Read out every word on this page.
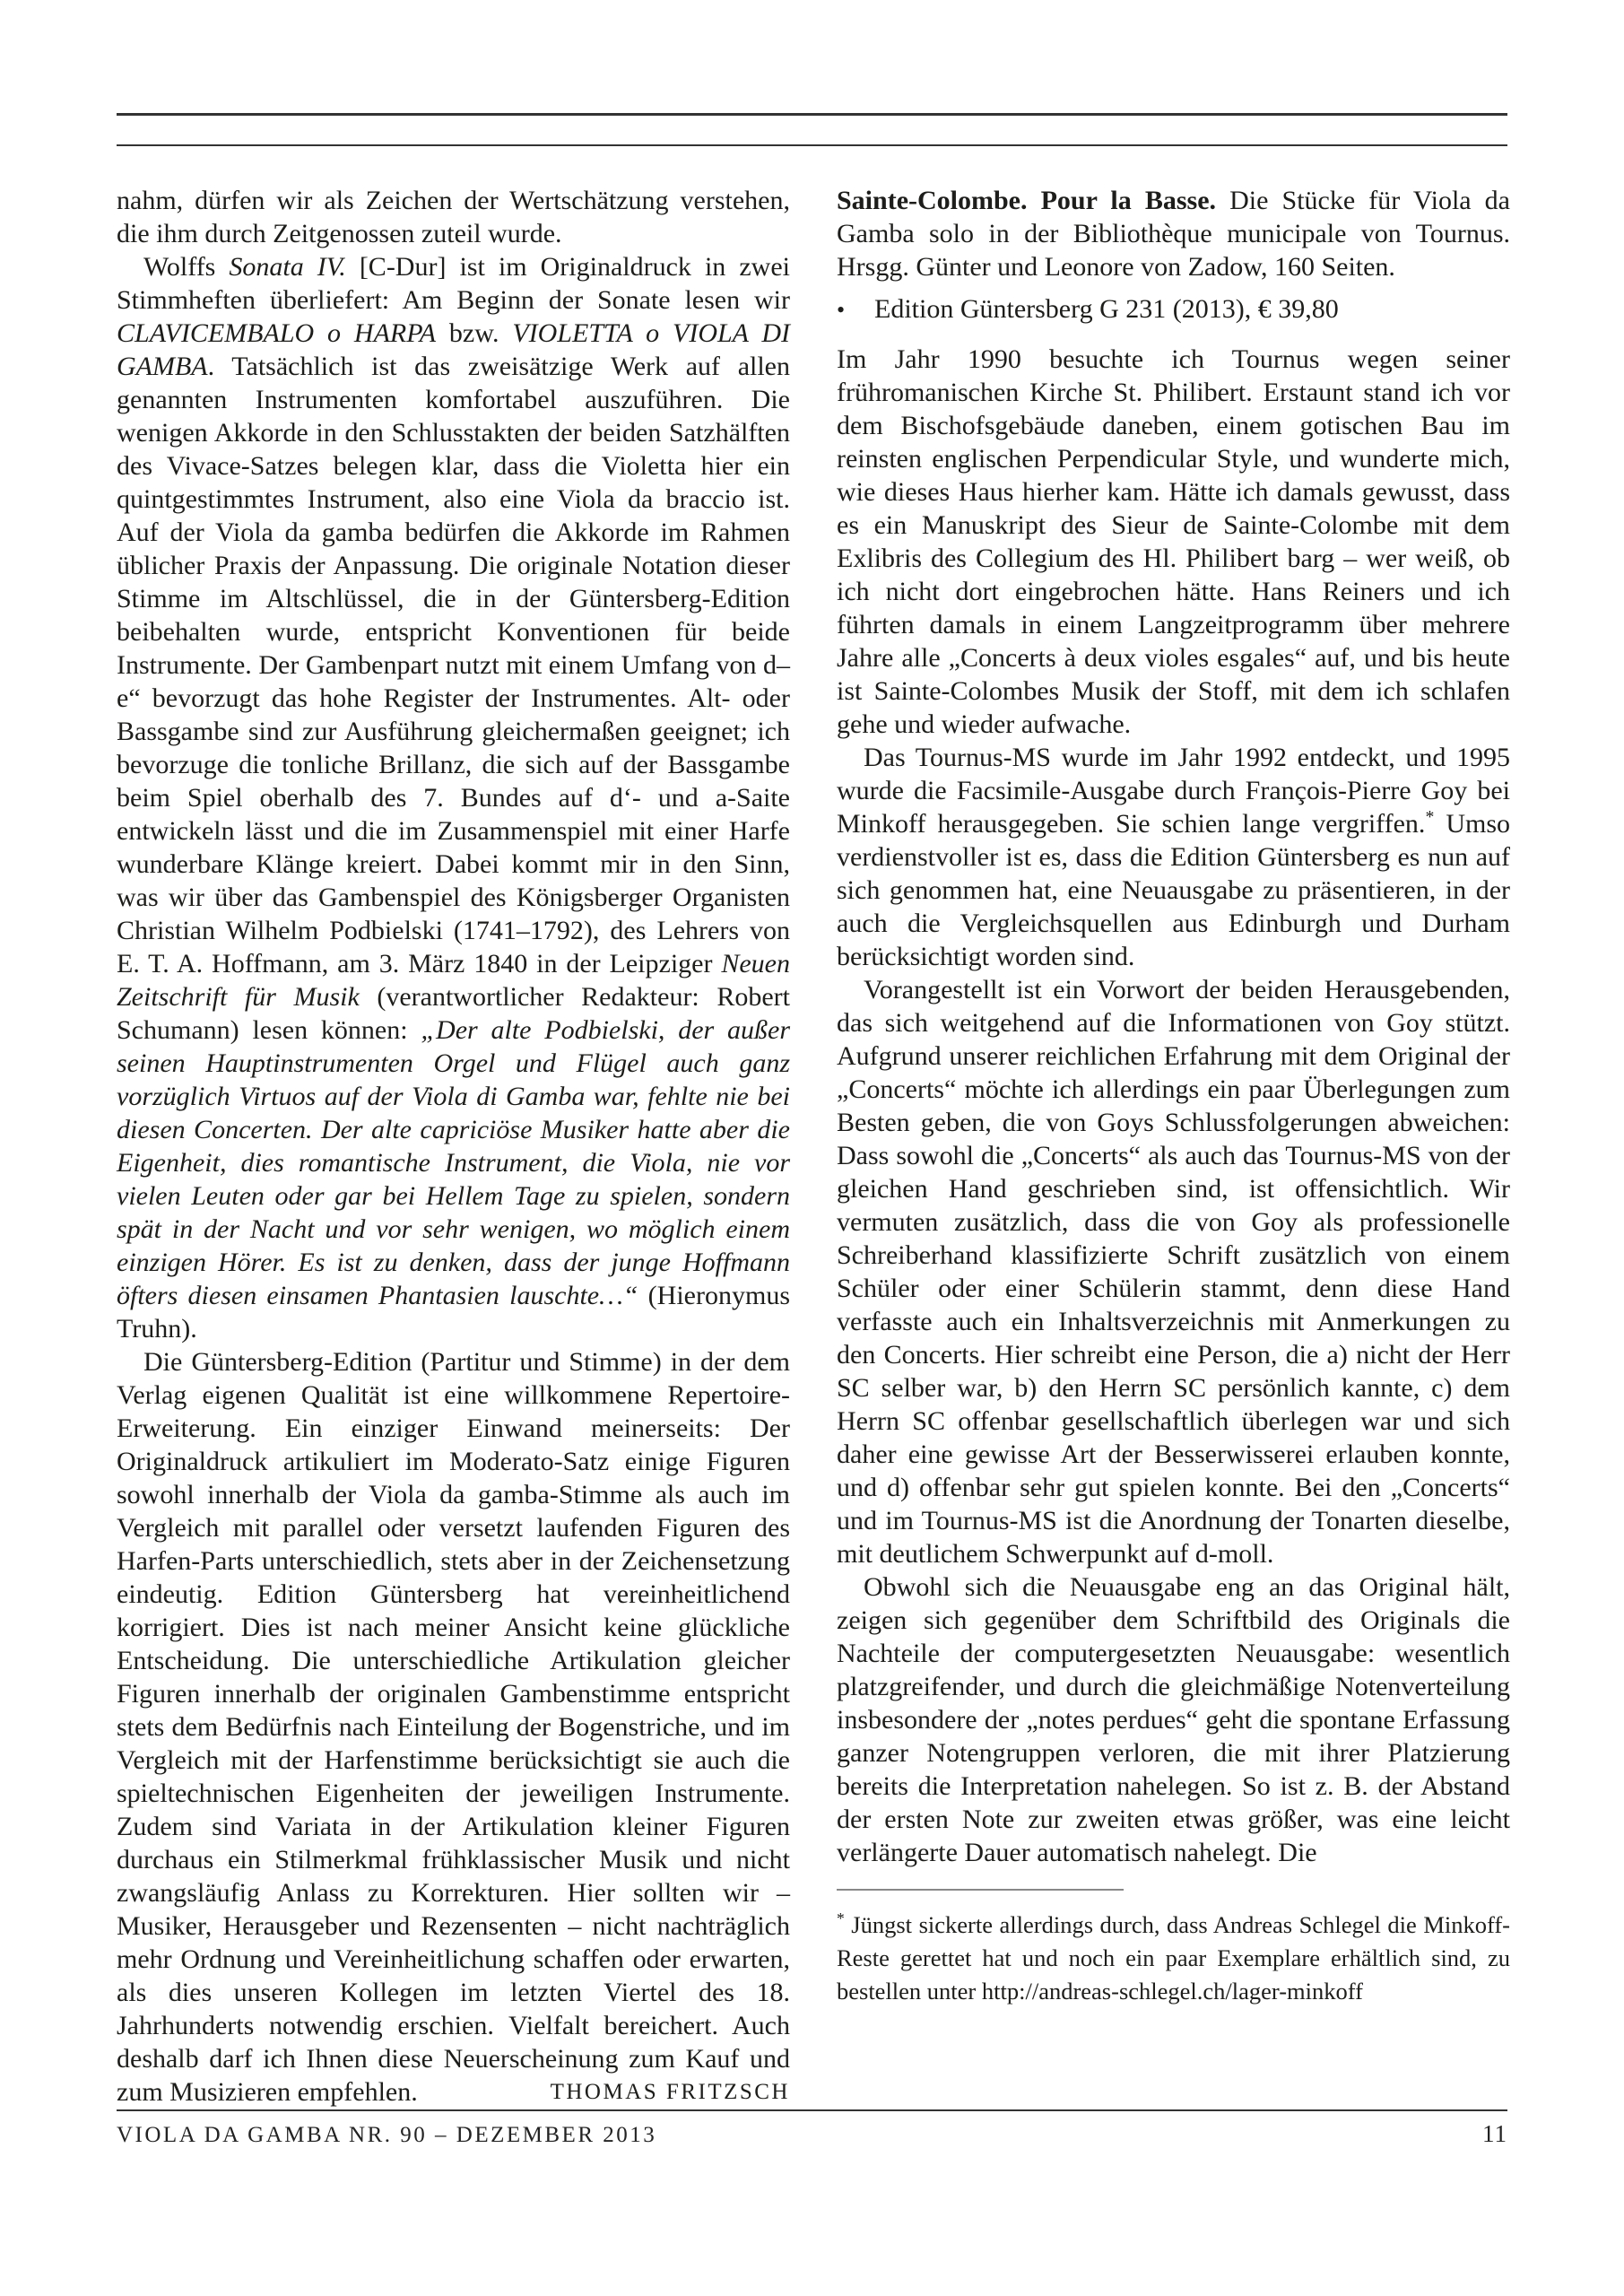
nahm, dürfen wir als Zeichen der Wertschätzung verstehen, die ihm durch Zeitgenossen zuteil wurde.

Wolffs Sonata IV. [C-Dur] ist im Originaldruck in zwei Stimmheften überliefert: Am Beginn der Sonate lesen wir CLAVICEMBALO o HARPA bzw. VIOLETTA o VIOLA DI GAMBA. Tatsächlich ist das zweisätzige Werk auf allen genannten Instrumenten komfortabel auszuführen. Die wenigen Akkorde in den Schlusstakten der beiden Satzhälften des Vivace-Satzes belegen klar, dass die Violetta hier ein quintgestimmtes Instrument, also eine Viola da braccio ist. Auf der Viola da gamba bedürfen die Akkorde im Rahmen üblicher Praxis der Anpassung. Die originale Notation dieser Stimme im Altschlüssel, die in der Güntersberg-Edition beibehalten wurde, entspricht Konventionen für beide Instrumente. Der Gambenpart nutzt mit einem Umfang von d–e“ bevorzugt das hohe Register der Instrumentes. Alt- oder Bassgambe sind zur Ausführung gleichermaßen geeignet; ich bevorzuge die tonliche Brillanz, die sich auf der Bassgambe beim Spiel oberhalb des 7. Bundes auf d‘- und a-Saite entwickeln lässt und die im Zusammenspiel mit einer Harfe wunderbare Klänge kreiert. Dabei kommt mir in den Sinn, was wir über das Gambenspiel des Königsberger Organisten Christian Wilhelm Podbielski (1741–1792), des Lehrers von E. T. A. Hoffmann, am 3. März 1840 in der Leipziger Neuen Zeitschrift für Musik (verantwortlicher Redakteur: Robert Schumann) lesen können: „Der alte Podbielski, der außer seinen Hauptinstrumenten Orgel und Flügel auch ganz vorzüglich Virtuos auf der Viola di Gamba war, fehlte nie bei diesen Concerten. Der alte capriciöse Musiker hatte aber die Eigenheit, dies romantische Instrument, die Viola, nie vor vielen Leuten oder gar bei Hellem Tage zu spielen, sondern spät in der Nacht und vor sehr wenigen, wo möglich einem einzigen Hörer. Es ist zu denken, dass der junge Hoffmann öfters diesen einsamen Phantasien lauschte…“ (Hieronymus Truhn).

Die Güntersberg-Edition (Partitur und Stimme) in der dem Verlag eigenen Qualität ist eine willkommene Repertoire-Erweiterung. Ein einziger Einwand meinerseits: Der Originaldruck artikuliert im Moderato-Satz einige Figuren sowohl innerhalb der Viola da gamba-Stimme als auch im Vergleich mit parallel oder versetzt laufenden Figuren des Harfen-Parts unterschiedlich, stets aber in der Zeichensetzung eindeutig. Edition Güntersberg hat vereinheitlichend korrigiert. Dies ist nach meiner Ansicht keine glückliche Entscheidung. Die unterschiedliche Artikulation gleicher Figuren innerhalb der originalen Gambenstimme entspricht stets dem Bedürfnis nach Einteilung der Bogenstriche, und im Vergleich mit der Harfenstimme berücksichtigt sie auch die spieltechnischen Eigenheiten der jeweiligen Instrumente. Zudem sind Variata in der Artikulation kleiner Figuren durchaus ein Stilmerkmal frühklassischer Musik und nicht zwangsläufig Anlass zu Korrekturen. Hier sollten wir – Musiker, Herausgeber und Rezensenten – nicht nachträglich mehr Ordnung und Vereinheitlichung schaffen oder erwarten, als dies unseren Kollegen im letzten Viertel des 18. Jahrhunderts notwendig erschien. Vielfalt bereichert. Auch deshalb darf ich Ihnen diese Neuerscheinung zum Kauf und zum Musizieren empfehlen.	THOMAS FRITZSCH

Sainte-Colombe. Pour la Basse. Die Stücke für Viola da Gamba solo in der Bibliothèque municipale von Tournus. Hrsgg. Günter und Leonore von Zadow, 160 Seiten.

•	Edition Güntersberg G 231 (2013), € 39,80

Im Jahr 1990 besuchte ich Tournus wegen seiner frühromanischen Kirche St. Philibert. Erstaunt stand ich vor dem Bischofsgebäude daneben, einem gotischen Bau im reinsten englischen Perpendicular Style, und wunderte mich, wie dieses Haus hierher kam. Hätte ich damals gewusst, dass es ein Manuskript des Sieur de Sainte-Colombe mit dem Exlibris des Collegium des Hl. Philibert barg – wer weiß, ob ich nicht dort eingebrochen hätte. Hans Reiners und ich führten damals in einem Langzeitprogramm über mehrere Jahre alle „Concerts à deux violes esgales“ auf, und bis heute ist Sainte-Colombes Musik der Stoff, mit dem ich schlafen gehe und wieder aufwache.

Das Tournus-MS wurde im Jahr 1992 entdeckt, und 1995 wurde die Facsimile-Ausgabe durch François-Pierre Goy bei Minkoff herausgegeben. Sie schien lange vergriffen.* Umso verdienstvoller ist es, dass die Edition Güntersberg es nun auf sich genommen hat, eine Neuausgabe zu präsentieren, in der auch die Vergleichsquellen aus Edinburgh und Durham berücksichtigt worden sind.

Vorangestellt ist ein Vorwort der beiden Herausgebenden, das sich weitgehend auf die Informationen von Goy stützt. Aufgrund unserer reichlichen Erfahrung mit dem Original der „Concerts“ möchte ich allerdings ein paar Überlegungen zum Besten geben, die von Goys Schlussfolgerungen abweichen: Dass sowohl die „Concerts“ als auch das Tournus-MS von der gleichen Hand geschrieben sind, ist offensichtlich. Wir vermuten zusätzlich, dass die von Goy als professionelle Schreiberhand klassifizierte Schrift zusätzlich von einem Schüler oder einer Schülerin stammt, denn diese Hand verfasste auch ein Inhaltsverzeichnis mit Anmerkungen zu den Concerts. Hier schreibt eine Person, die a) nicht der Herr SC selber war, b) den Herrn SC persönlich kannte, c) dem Herrn SC offenbar gesellschaftlich überlegen war und sich daher eine gewisse Art der Besserwisserei erlauben konnte, und d) offenbar sehr gut spielen konnte. Bei den „Concerts“ und im Tournus-MS ist die Anordnung der Tonarten dieselbe, mit deutlichem Schwerpunkt auf d-moll.

Obwohl sich die Neuausgabe eng an das Original hält, zeigen sich gegenüber dem Schriftbild des Originals die Nachteile der computergesetzten Neuausgabe: wesentlich platzgreifender, und durch die gleichmäßige Notenverteilung insbesondere der „notes perdues“ geht die spontane Erfassung ganzer Notengruppen verloren, die mit ihrer Platzierung bereits die Interpretation nahelegen. So ist z. B. der Abstand der ersten Note zur zweiten etwas größer, was eine leicht verlängerte Dauer automatisch nahelegt. Die

* Jüngst sickerte allerdings durch, dass Andreas Schlegel die Minkoff-Reste gerettet hat und noch ein paar Exemplare erhältlich sind, zu bestellen unter http://andreas-schlegel.ch/lager-minkoff

VIOLA DA GAMBA NR. 90 – DEZEMBER 2013	11
